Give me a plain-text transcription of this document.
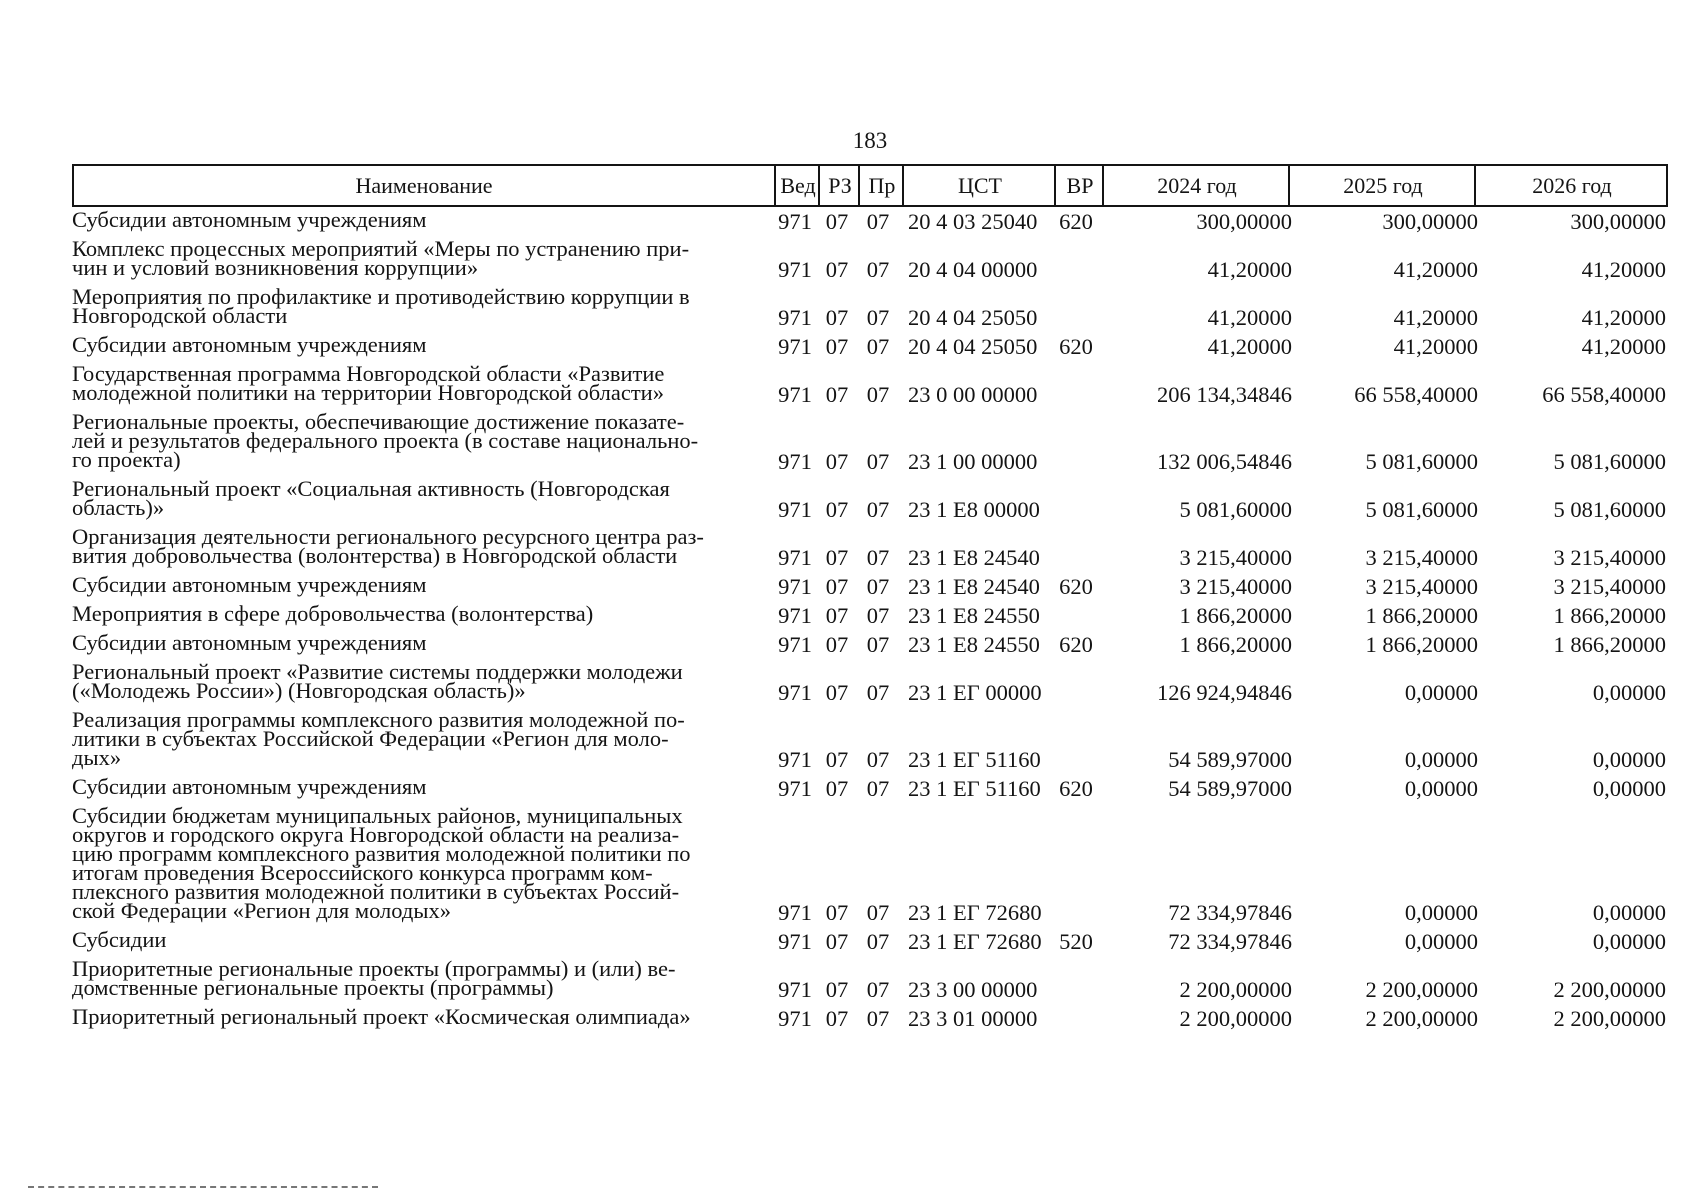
183
Наименование	Вед РЗ Пр	ЦСТ	ВР	2024 год	2025 год	2026 год
Субсидии автономным учреждениям	971 07 07 20 4 03 25040 620	300,00000	300,00000	300,00000
Комплекс процессных мероприятий «Меры по устранению при-
чин и условий возникновения коррупции»	971 07 07 20 4 04 00000	41,20000	41,20000	41,20000
Мероприятия по профилактике и противодействию коррупции в
Новгородской области	971 07 07 20 4 04 25050	41,20000	41,20000	41,20000
Субсидии автономным учреждениям	971 07 07 20 4 04 25050 620	41,20000	41,20000	41,20000
Государственная программа Новгородской области «Развитие
молодежной политики на территории Новгородской области»	971 07 07 23 0 00 00000	206 134,34846	66 558,40000	66 558,40000
Региональные проекты, обеспечивающие достижение показате-
лей и результатов федерального проекта (в составе национально-
го проекта)	971 07 07 23 1 00 00000	132 006,54846	5 081,60000	5 081,60000
Региональный проект «Социальная активность (Новгородская
область)»	971 07 07 23 1 E8 00000	5 081,60000	5 081,60000	5 081,60000
Организация деятельности регионального ресурсного центра раз-
вития добровольчества (волонтерства) в Новгородской области	971 07 07 23 1 E8 24540	3 215,40000	3 215,40000	3 215,40000
Субсидии автономным учреждениям	971 07 07 23 1 E8 24540 620	3 215,40000	3 215,40000	3 215,40000
Мероприятия в сфере добровольчества (волонтерства)	971 07 07 23 1 E8 24550	1 866,20000	1 866,20000	1 866,20000
Субсидии автономным учреждениям	971 07 07 23 1 E8 24550 620	1 866,20000	1 866,20000	1 866,20000
Региональный проект «Развитие системы поддержки молодежи
(«Молодежь России») (Новгородская область)»	971 07 07 23 1 ЕГ 00000	126 924,94846	0,00000	0,00000
Реализация программы комплексного развития молодежной по-
литики в субъектах Российской Федерации «Регион для моло-
дых»	971 07 07 23 1 ЕГ 51160	54 589,97000	0,00000	0,00000
Субсидии автономным учреждениям	971 07 07 23 1 ЕГ 51160 620	54 589,97000	0,00000	0,00000
Субсидии бюджетам муниципальных районов, муниципальных
округов и городского округа Новгородской области на реализа-
цию программ комплексного развития молодежной политики по
итогам проведения Всероссийского конкурса программ ком-
плексного развития молодежной политики в субъектах Россий-
ской Федерации «Регион для молодых»	971 07 07 23 1 ЕГ 72680	72 334,97846	0,00000	0,00000
Субсидии	971 07 07 23 1 ЕГ 72680 520	72 334,97846	0,00000	0,00000
Приоритетные региональные проекты (программы) и (или) ве-
домственные региональные проекты (программы)	971 07 07 23 3 00 00000	2 200,00000	2 200,00000	2 200,00000
Приоритетный региональный проект «Космическая олимпиада»	971 07 07 23 3 01 00000	2 200,00000	2 200,00000	2 200,00000
